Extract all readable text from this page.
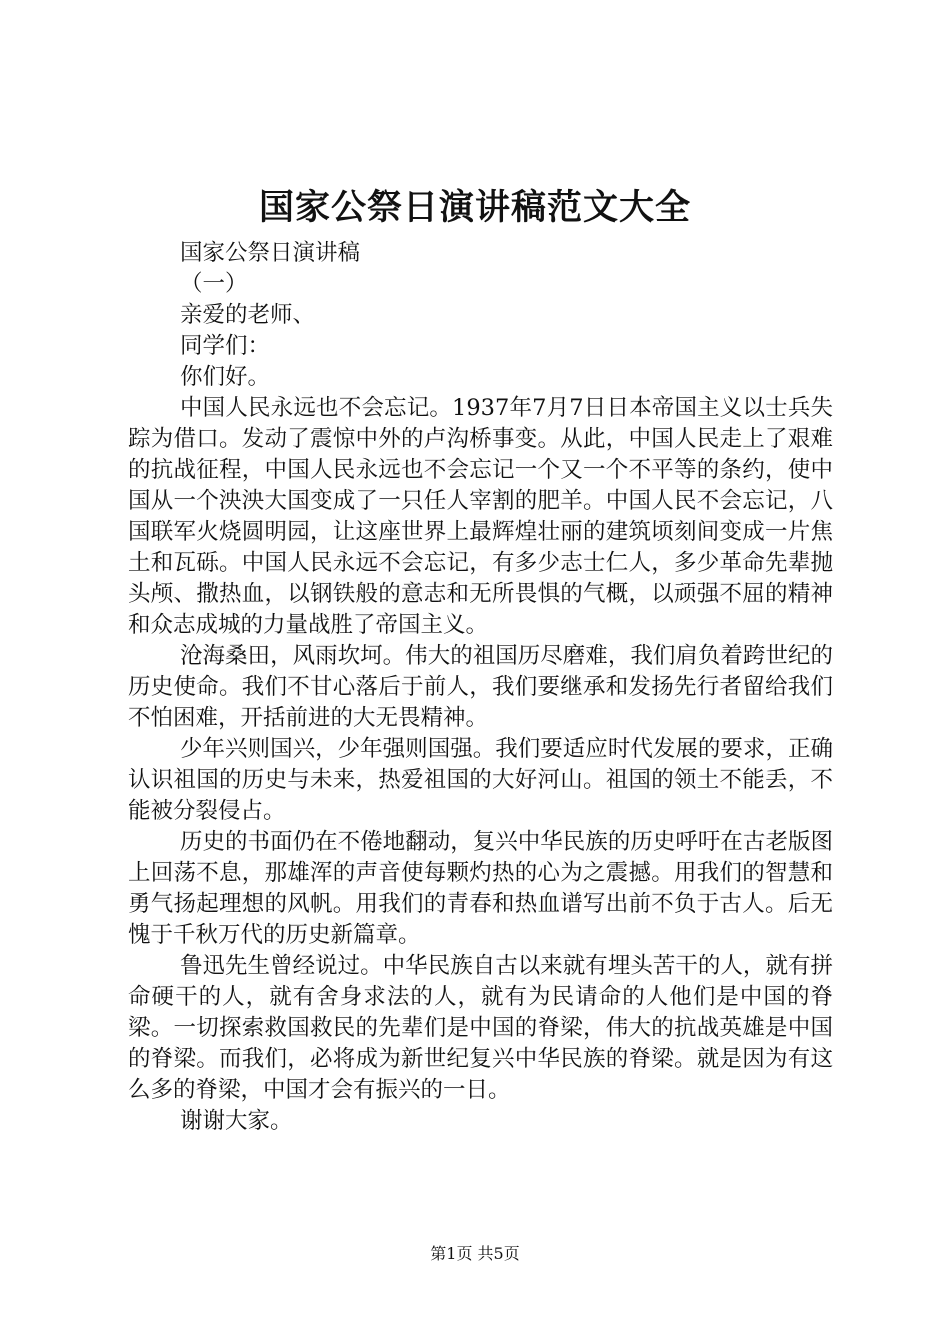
国家公祭日演讲稿范文大全

国家公祭日演讲稿

（一）

亲爱的老师、

同学们：

你们好。

中国人民永远也不会忘记。1937年7月7日日本帝国主义以士兵失踪为借口。发动了震惊中外的卢沟桥事变。从此，中国人民走上了艰难的抗战征程，中国人民永远也不会忘记一个又一个不平等的条约，使中国从一个泱泱大国变成了一只任人宰割的肥羊。中国人民不会忘记，八国联军火烧圆明园，让这座世界上最辉煌壮丽的建筑顷刻间变成一片焦土和瓦砾。中国人民永远不会忘记，有多少志士仁人，多少革命先辈抛头颅、撒热血，以钢铁般的意志和无所畏惧的气概，以顽强不屈的精神和众志成城的力量战胜了帝国主义。

沧海桑田，风雨坎坷。伟大的祖国历尽磨难，我们肩负着跨世纪的历史使命。我们不甘心落后于前人，我们要继承和发扬先行者留给我们不怕困难，开括前进的大无畏精神。

少年兴则国兴，少年强则国强。我们要适应时代发展的要求，正确认识祖国的历史与未来，热爱祖国的大好河山。祖国的领土不能丢，不能被分裂侵占。

历史的书面仍在不倦地翻动，复兴中华民族的历史呼吁在古老版图上回荡不息，那雄浑的声音使每颗灼热的心为之震撼。用我们的智慧和勇气扬起理想的风帆。用我们的青春和热血谱写出前不负于古人。后无愧于千秋万代的历史新篇章。

鲁迅先生曾经说过。中华民族自古以来就有埋头苦干的人，就有拼命硬干的人，就有舍身求法的人，就有为民请命的人他们是中国的脊梁。一切探索救国救民的先辈们是中国的脊梁，伟大的抗战英雄是中国的脊梁。而我们，必将成为新世纪复兴中华民族的脊梁。就是因为有这么多的脊梁，中国才会有振兴的一日。

谢谢大家。

第1页 共5页
